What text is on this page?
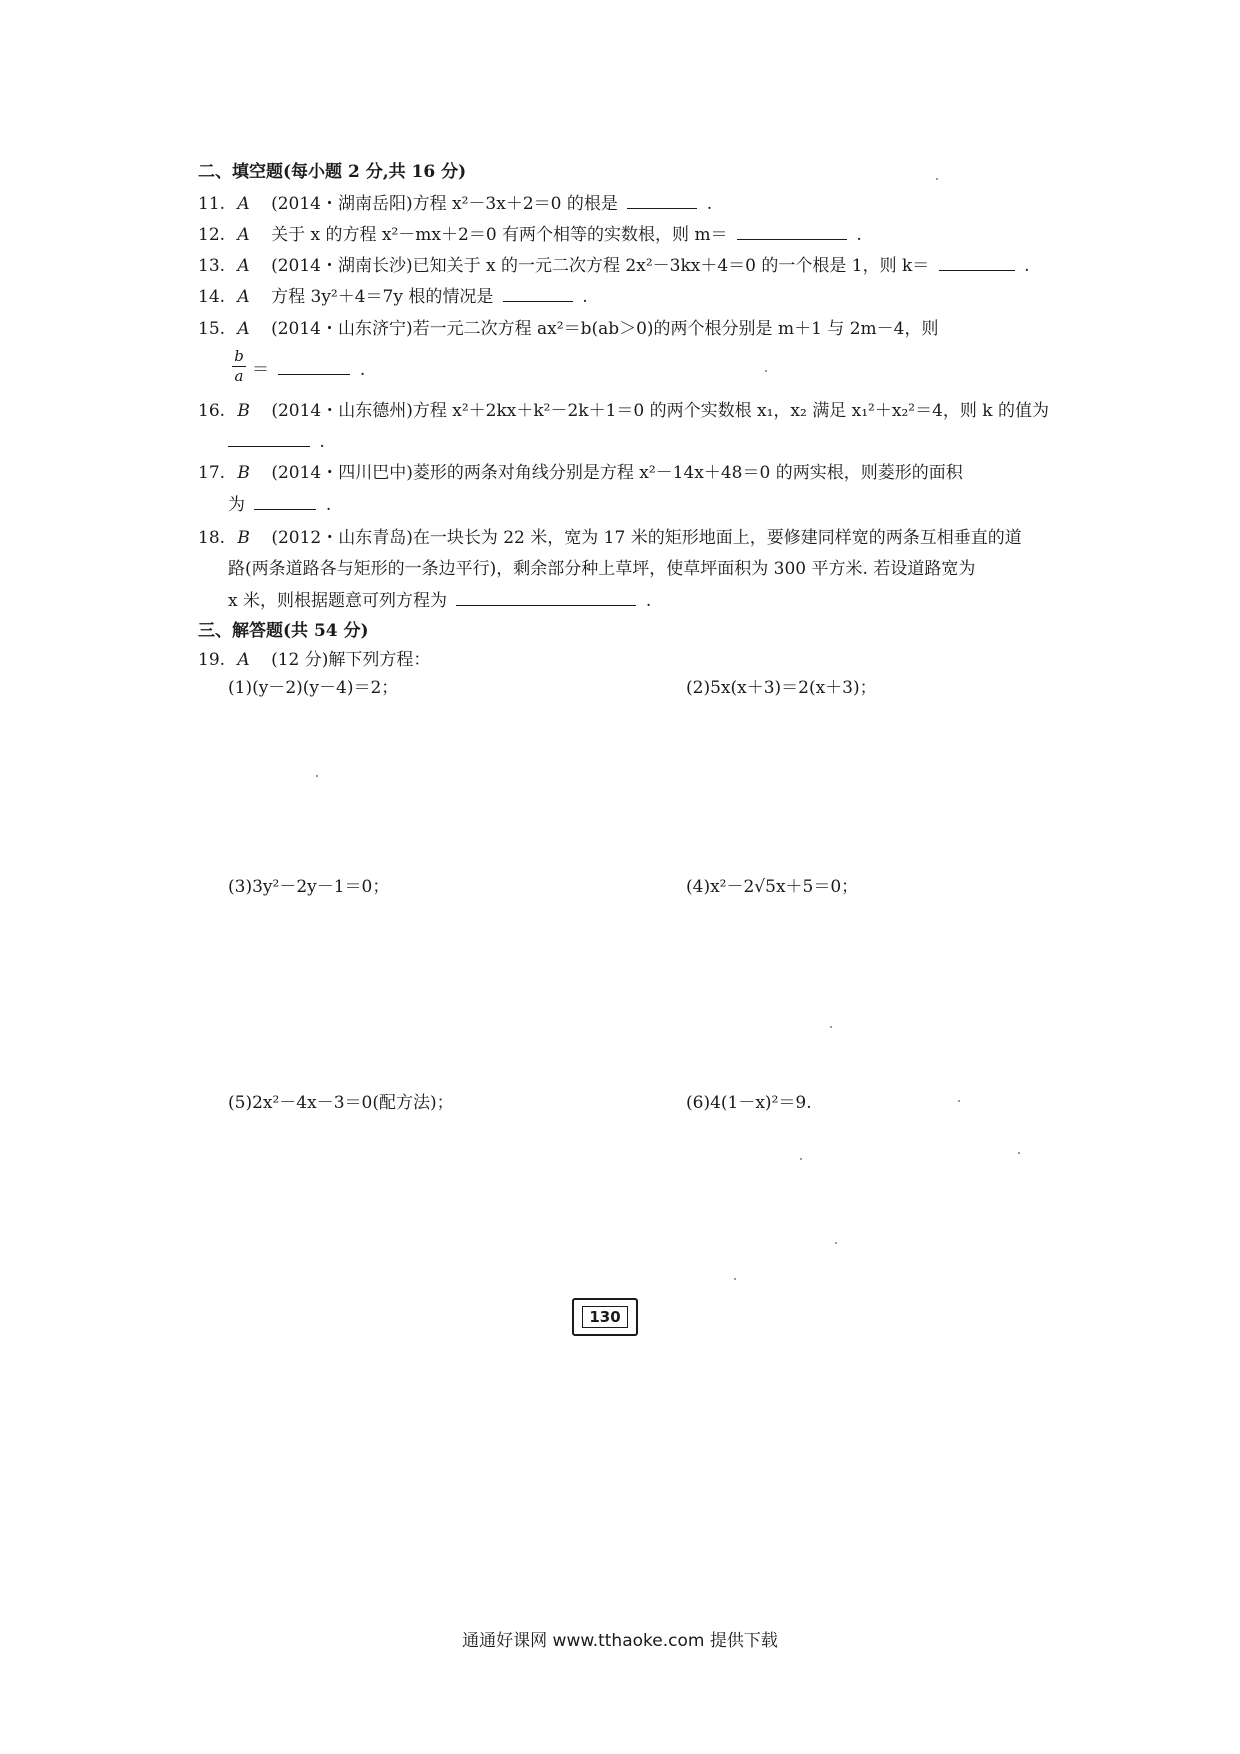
二、填空题(每小题 2 分,共 16 分)
11. A (2014・湖南岳阳)方程 x²－3x＋2＝0 的根是	.
12. A 关于 x 的方程 x²－mx＋2＝0 有两个相等的实数根，则 m＝	.
13. A (2014・湖南长沙)已知关于 x 的一元二次方程 2x²－3kx＋4＝0 的一个根是 1，则 k＝	.
14. A 方程 3y²＋4＝7y 根的情况是	.
15. A (2014・山东济宁)若一元二次方程 ax²＝b(ab＞0)的两个根分别是 m＋1 与 2m－4，则
b
a ＝	.
16. B (2014・山东德州)方程 x²＋2kx＋k²－2k＋1＝0 的两个实数根 x₁，x₂ 满足 x₁²＋x₂²＝4，则 k 的值为
.
17. B (2014・四川巴中)菱形的两条对角线分别是方程 x²－14x＋48＝0 的两实根，则菱形的面积
为	.
18. B (2012・山东青岛)在一块长为 22 米，宽为 17 米的矩形地面上，要修建同样宽的两条互相垂直的道
路(两条道路各与矩形的一条边平行)，剩余部分种上草坪，使草坪面积为 300 平方米. 若设道路宽为
x 米，则根据题意可列方程为	.
三、解答题(共 54 分)
19. A (12 分)解下列方程：
(1)(y－2)(y－4)＝2；	(2)5x(x＋3)＝2(x＋3)；
(3)3y²－2y－1＝0；	(4)x²－2√5x＋5＝0；
(5)2x²－4x－3＝0(配方法)；	(6)4(1－x)²＝9.
130
通通好课网 www.tthaoke.com 提供下载
